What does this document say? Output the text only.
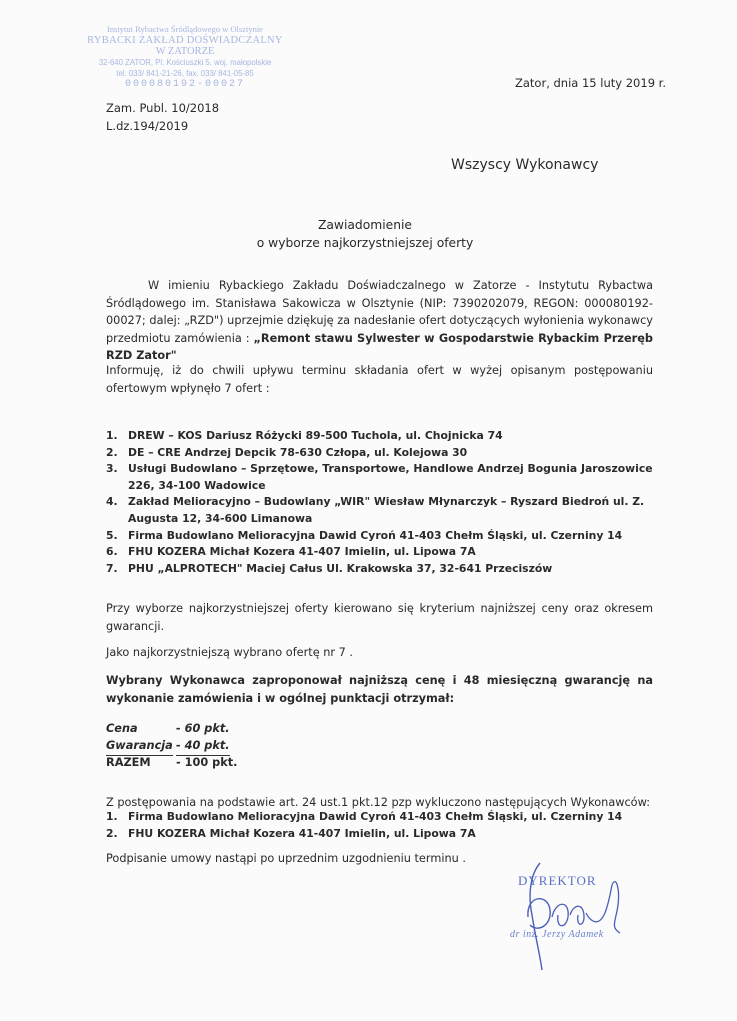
Instytut Rybactwa Śródlądowego w Olsztynie
RYBACKI ZAKŁAD DOŚWIADCZALNY
W ZATORZE
32-640 ZATOR, Pl. Kościuszki 5, woj. małopolskie
tel. 033/ 841-21-26, fax. 033/ 841-05-85
000080192-00027
Zam. Publ. 10/2018
L.dz.194/2019
Zator, dnia 15 luty 2019 r.
Wszyscy Wykonawcy
Zawiadomienie
o wyborze najkorzystniejszej oferty
W imieniu Rybackiego Zakładu Doświadczalnego w Zatorze - Instytutu Rybactwa Śródlądowego im. Stanisława Sakowicza w Olsztynie (NIP: 7390202079, REGON: 000080192-00027; dalej: „RZD") uprzejmie dziękuję za nadesłanie ofert dotyczących wyłonienia wykonawcy przedmiotu zamówienia : „Remont stawu Sylwester w Gospodarstwie Rybackim Przeręb RZD Zator"
Informuję, iż do chwili upływu terminu składania ofert w wyżej opisanym postępowaniu ofertowym wpłynęło 7 ofert :
1. DREW – KOS Dariusz Różycki 89-500 Tuchola, ul. Chojnicka 74
2. DE – CRE Andrzej Depcik 78-630 Człopa, ul. Kolejowa 30
3. Usługi Budowlano – Sprzętowe, Transportowe, Handlowe Andrzej Bogunia Jaroszowice 226, 34-100 Wadowice
4. Zakład Melioracyjno – Budowlany „WIR" Wiesław Młynarczyk – Ryszard Biedroń ul. Z. Augusta 12, 34-600 Limanowa
5. Firma Budowlano Melioracyjna Dawid Cyroń 41-403 Chełm Śląski, ul. Czerniny 14
6. FHU KOZERA Michał Kozera 41-407 Imielin, ul. Lipowa 7A
7. PHU „ALPROTECH" Maciej Całus Ul. Krakowska 37, 32-641 Przeciszów
Przy wyborze najkorzystniejszej oferty kierowano się kryterium najniższej ceny oraz okresem gwarancji.
Jako najkorzystniejszą wybrano ofertę nr 7 .
Wybrany Wykonawca zaproponował najniższą cenę i 48 miesięczną gwarancję na wykonanie zamówienia i w ogólnej punktacji otrzymał:
Cena	- 60 pkt.
Gwarancja - 40 pkt.
RAZEM - 100 pkt.
Z postępowania na podstawie art. 24 ust.1 pkt.12 pzp wykluczono następujących Wykonawców:
1. Firma Budowlano Melioracyjna Dawid Cyroń 41-403 Chełm Śląski, ul. Czerniny 14
2. FHU KOZERA Michał Kozera 41-407 Imielin, ul. Lipowa 7A
Podpisanie umowy nastąpi po uprzednim uzgodnieniu terminu .
DYREKTOR
dr inż. Jerzy Adamek
